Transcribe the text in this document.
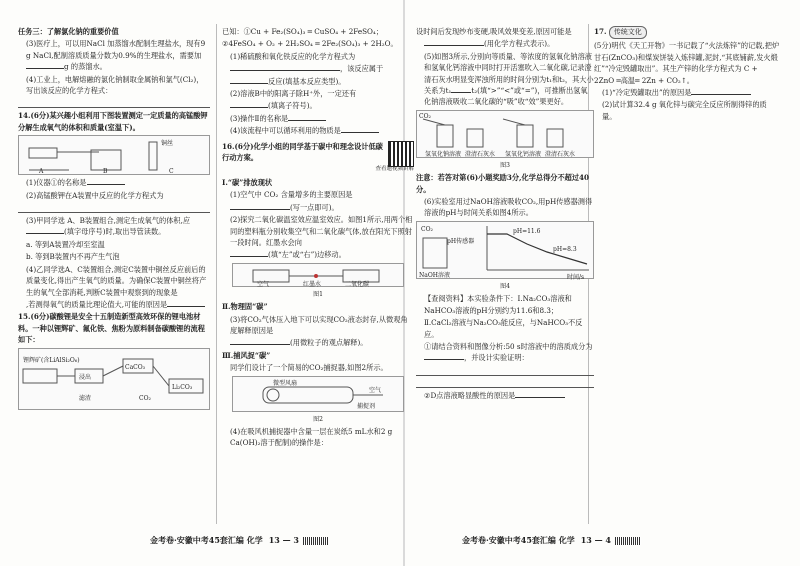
任务三：了解氯化钠的重要价值

(3)医疗上，可以用NaCl 加蒸馏水配制生理盐水，现有9 g NaCl,配制溶质质量分数为0.9%的生理盐水，需要加g 的蒸馏水。

(4)工业上，电解熔融的氯化钠制取金属钠和氯气(Cl₂)，写出该反应的化学方程式：

14.(6分)某兴趣小组利用下图装置测定一定质量的高锰酸钾分解生成氧气的体积和质量(室温下)。

A	B	C
铜丝

(1)仪器①的名称是

(2)高锰酸钾在A装置中反应的化学方程式为

(3)甲同学选 A、B装置组合,测定生成氧气的体积,应(填字母序号)时,取出导管读数。

a. 等到A装置冷却至室温

b. 等到B装置内不再产生气泡

(4)乙同学选A、C装置组合,测定C装置中铜丝反应前后的质量变化,得出产生氧气的质量。为确保C装置中铜丝将产生的氧气全部消耗,判断C装置中观察到的现象是

,若测得氧气的质量比理论值大,可能的原因是

15.(6分)碳酸锂是安全十五制造新型高效环保的锂电池材料。一种以锂辉矿、氟化铁、焦粉为原料制备碳酸锂的流程如下：

锂辉矿(含LiAlSi₂O₆)
浸出
CaCO₃
Li₂CO₃
滤渣	CO₂

已知：①Cu + Fe₂(SO₄)₃ ═ CuSO₄ + 2FeSO₄；

②4FeSO₄ + O₂ + 2H₂SO₄ ═ 2Fe₂(SO₄)₃ + 2H₂O。

(1)稀硫酸和氧化铁反应的化学方程式为

，该反应属于

反应(填基本反应类型)。

(2)溶液B中的阳离子除H⁺外，一定还有

(填离子符号)。

(3)操作Ⅱ的名称是

(4)该流程中可以循环利用的物质是

16.(6分)化学小组的同学基于碳中和理念设计低碳行动方案。

查看题视频讲解

Ⅰ.“碳”排放现状

(1)空气中 CO₂ 含量增多的主要原因是

(写一点即可)。

(2)探究二氧化碳温室效应温室效应。如图1所示,用两个相同的塑料瓶分别收集空气和二氧化碳气体,放在阳光下照射一段时间。红墨水会向

(填“左”或“右”)边移动。

空气	红墨水	二氧化碳

图1

Ⅱ.物理固“碳”

(3)将CO₂气体压入地下可以实现CO₂液态封存,从微观角度解释原因是

(用微粒子的观点解释)。

Ⅲ.捕风捉“碳”

同学们设计了一个简易的CO₂捕捉器,如图2所示。

微型风扇
空气
捕捉剂

图2

(4)在吸风机捕捉器中含量一层在炭纸5 mL水和2 g Ca(OH)₂溶于配制)的操作是：

设时间后发现纱布变硬,吸风效果变差,原因可能是

(用化学方程式表示)。

(5)如图3所示,分别向等质量、等浓度的氢氧化钠溶液和氢氧化钙溶液中同时打开活塞吹入二氧化碳,记录澄清石灰水明显变浑浊所用的时间分别为t₁和t₂，其大小关系为t₁	t₂(填“>”“<”或“=”)，可推断出氢氧化钠溶液吸收二氧化碳的“吸”收“效”果更好。

CO₂
氢氧化钠溶液 澄清石灰水 氢氧化钙溶液 澄清石灰水

图3

注意：若答对第(6)小题奖励3分,化学总得分不超过40分。

(6)实验室用过NaOH溶液吸收CO₂,用pH传感器测得溶液的pH与时间关系如图4所示。

pH=11.6
pH=8.3
时间/s
NaOH溶液
pH传感器
CO₂

图4

【查阅资料】本实验条件下：Ⅰ.Na₂CO₃溶液和NaHCO₃溶液的pH分别约为11.6和8.3；

Ⅱ.CaCl₂溶液与Na₂CO₃能反应，与NaHCO₃不反应。

①请结合资料和图像分析:50 s时溶液中的溶质成分为，并设计实验证明：

②D点溶液略显酸性的原因是

17. 传统文化

(5分)明代《天工开物》一书记载了“火法炼锌”的记载,把炉甘石(ZnCO₃)和煤炭饼装入炼锌罐,泥封,“其底铺薪,发火煅红”“冷定毁罐取出”。其生产锌的化学方程式为 C + 2ZnO ═高温═ 2Zn + CO₂↑。

(1)“冷定毁罐取出”的原因是

(2)试计算32.4 g 氧化锌与碳完全反应所制得锌的质量。

金考卷·安徽中考45套汇编 化学 13 — 3	金考卷·安徽中考45套汇编 化学 13 — 4
